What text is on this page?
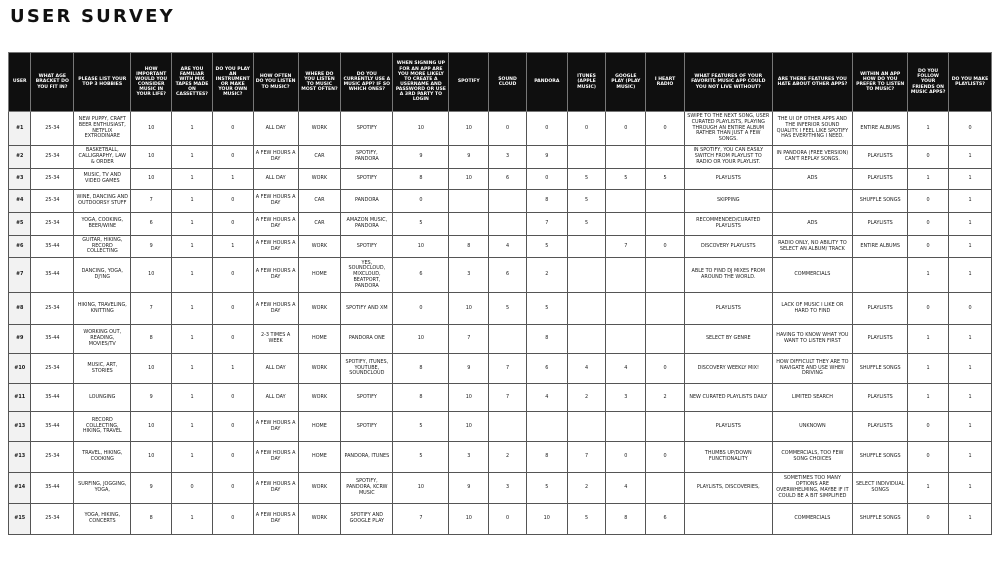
USER SURVEY
USER	WHAT AGE BRACKET DO YOU FIT IN?	PLEASE LIST YOUR TOP 3 HOBBIES	HOW IMPORTANT WOULD YOU CONSIDER MUSIC IN YOUR LIFE?	ARE YOU FAMILIAR WITH MIX TAPES MADE ON CASSETTES?	DO YOU PLAY AN INSTRUMENT OR MAKE YOUR OWN MUSIC?	HOW OFTEN DO YOU LISTEN TO MUSIC?	WHERE DO YOU LISTEN TO MUSIC MOST OFTEN?	DO YOU CURRENTLY USE A MUSIC APP? IF SO WHICH ONES?	WHEN SIGNING UP FOR AN APP ARE YOU MORE LIKELY TO CREATE A USERNAME AND PASSWORD OR USE A 3RD PARTY TO LOGIN	SPOTIFY	SOUND CLOUD	PANDORA	ITUNES (APPLE MUSIC)	GOOGLE PLAY (PLAY MUSIC)	I HEART RADIO	WHAT FEATURES OF YOUR FAVORITE MUSIC APP COULD YOU NOT LIVE WITHOUT?	ARE THERE FEATURES YOU HATE ABOUT OTHER APPS?	WITHIN AN APP HOW DO YOU PREFER TO LISTEN TO MUSIC?	DO YOU FOLLOW YOUR FRIENDS ON MUSIC APPS?	DO YOU MAKE PLAYLISTS?
#1	25-34	NEW PUPPY, CRAFT BEER ENTHUSIAST, NETFLIX EXTRODINARE	10	1	0	ALL DAY	WORK	SPOTIFY	10	10	0	0	0	0	0	SWIPE TO THE NEXT SONG, USER CURATED PLAYLISTS, PLAYING THROUGH AN ENTIRE ALBUM RATHER THAN JUST A FEW SONGS.	THE UI OF OTHER APPS AND THE INFERIOR SOUND QUALITY. I FEEL LIKE SPOTIFY HAS EVERYTHING I NEED.	ENTIRE ALBUMS	1	0
#2	25-34	BASKETBALL, CALLIGRAPHY, LAW & ORDER	10	1	0	A FEW HOURS A DAY	CAR	SPOTIFY, PANDORA	9	9	3	9				IN SPOTIFY, YOU CAN EASILY SWITCH FROM PLAYLIST TO RADIO OR YOUR PLAYLIST.	IN PANDORA (FREE VERSION) CAN'T REPLAY SONGS.	PLAYLISTS	0	1
#3	25-34	MUSIC, TV AND VIDEO GAMES	10	1	1	ALL DAY	WORK	SPOTIFY	8	10	6	0	5	5	5	PLAYLISTS	ADS	PLAYLISTS	1	1
#4	25-34	WINE, DANCING AND OUTDOORSY STUFF	7	1	0	A FEW HOURS A DAY	CAR	PANDORA	0			8	5			SKIPPING		SHUFFLE SONGS	0	1
#5	25-34	YOGA, COOKING, BEER/WINE	6	1	0	A FEW HOURS A DAY	CAR	AMAZON MUSIC, PANDORA	5			7	5			RECOMMENDED/CURATED PLAYLISTS	ADS	PLAYLISTS	0	1
#6	35-44	GUITAR, HIKING, RECORD COLLECTING	9	1	1	A FEW HOURS A DAY	WORK	SPOTIFY	10	8	4	5		7	0	DISCOVERY PLAYLISTS	RADIO ONLY, NO ABILITY TO SELECT AN ALBUM/ TRACK	ENTIRE ALBUMS	0	1
#7	35-44	DANCING, YOGA, DJ'ING	10	1	0	A FEW HOURS A DAY	HOME	YES, SOUNDCLOUD, MIXCLOUD, BEATPORT, PANDORA	6	3	6	2				ABLE TO FIND DJ MIXES FROM AROUND THE WORLD.	COMMERCIALS		1	1
#8	25-34	HIKING, TRAVELING, KNITTING	7	1	0	A FEW HOURS A DAY	WORK	SPOTIFY AND XM	0	10	5	5				PLAYLISTS	LACK OF MUSIC I LIKE OR HARD TO FIND	PLAYLISTS	0	0
#9	35-44	WORKING OUT, READING, MOVIES/TV	8	1	0	2-3 TIMES A WEEK	HOME	PANDORA ONE	10	7		8				SELECT BY GENRE	HAVING TO KNOW WHAT YOU WANT TO LISTEN FIRST	PLAYLISTS	1	1
#10	25-34	MUSIC, ART, STORIES	10	1	1	ALL DAY	WORK	SPOTIFY, ITUNES, YOUTUBE, SOUNDCLOUD	8	9	7	6	4	4	0	DISCOVERY WEEKLY MIX!	HOW DIFFICULT THEY ARE TO NAVIGATE AND USE WHEN DRIVING	SHUFFLE SONGS	1	1
#11	35-44	LOUNGING	9	1	0	ALL DAY	WORK	SPOTIFY	8	10	7	4	2	3	2	NEW CURATED PLAYLISTS DAILY	LIMITED SEARCH	PLAYLISTS	1	1
#13	35-44	RECORD COLLECTING, HIKING, TRAVEL	10	1	0	A FEW HOURS A DAY	HOME	SPOTIFY	5	10						PLAYLISTS	UNKNOWN	PLAYLISTS	0	1
#13	25-34	TRAVEL, HIKING, COOKING	10	1	0	A FEW HOURS A DAY	HOME	PANDORA, ITUNES	5	3	2	8	7	0	0	THUMBS UP/DOWN FUNCTIONALITY	COMMERCIALS, TOO FEW SONG CHOICES	SHUFFLE SONGS	0	1
#14	35-44	SURFING, JOGGING, YOGA,	9	0	0	A FEW HOURS A DAY	WORK	SPOTIFY, PANDORA, KCRW MUSIC	10	9	3	5	2	4		PLAYLISTS, DISCOVERIES,	SOMETIMES TOO MANY OPTIONS ARE OVERWHELMING, MAYBE IF IT COULD BE A BIT SIMPLIFIED	SELECT INDIVIDUAL SONGS	1	1
#15	25-34	YOGA, HIKING, CONCERTS	8	1	0	A FEW HOURS A DAY	WORK	SPOTIFY AND GOOGLE PLAY	7	10	0	10	5	8	6		COMMERCIALS	SHUFFLE SONGS	0	1
